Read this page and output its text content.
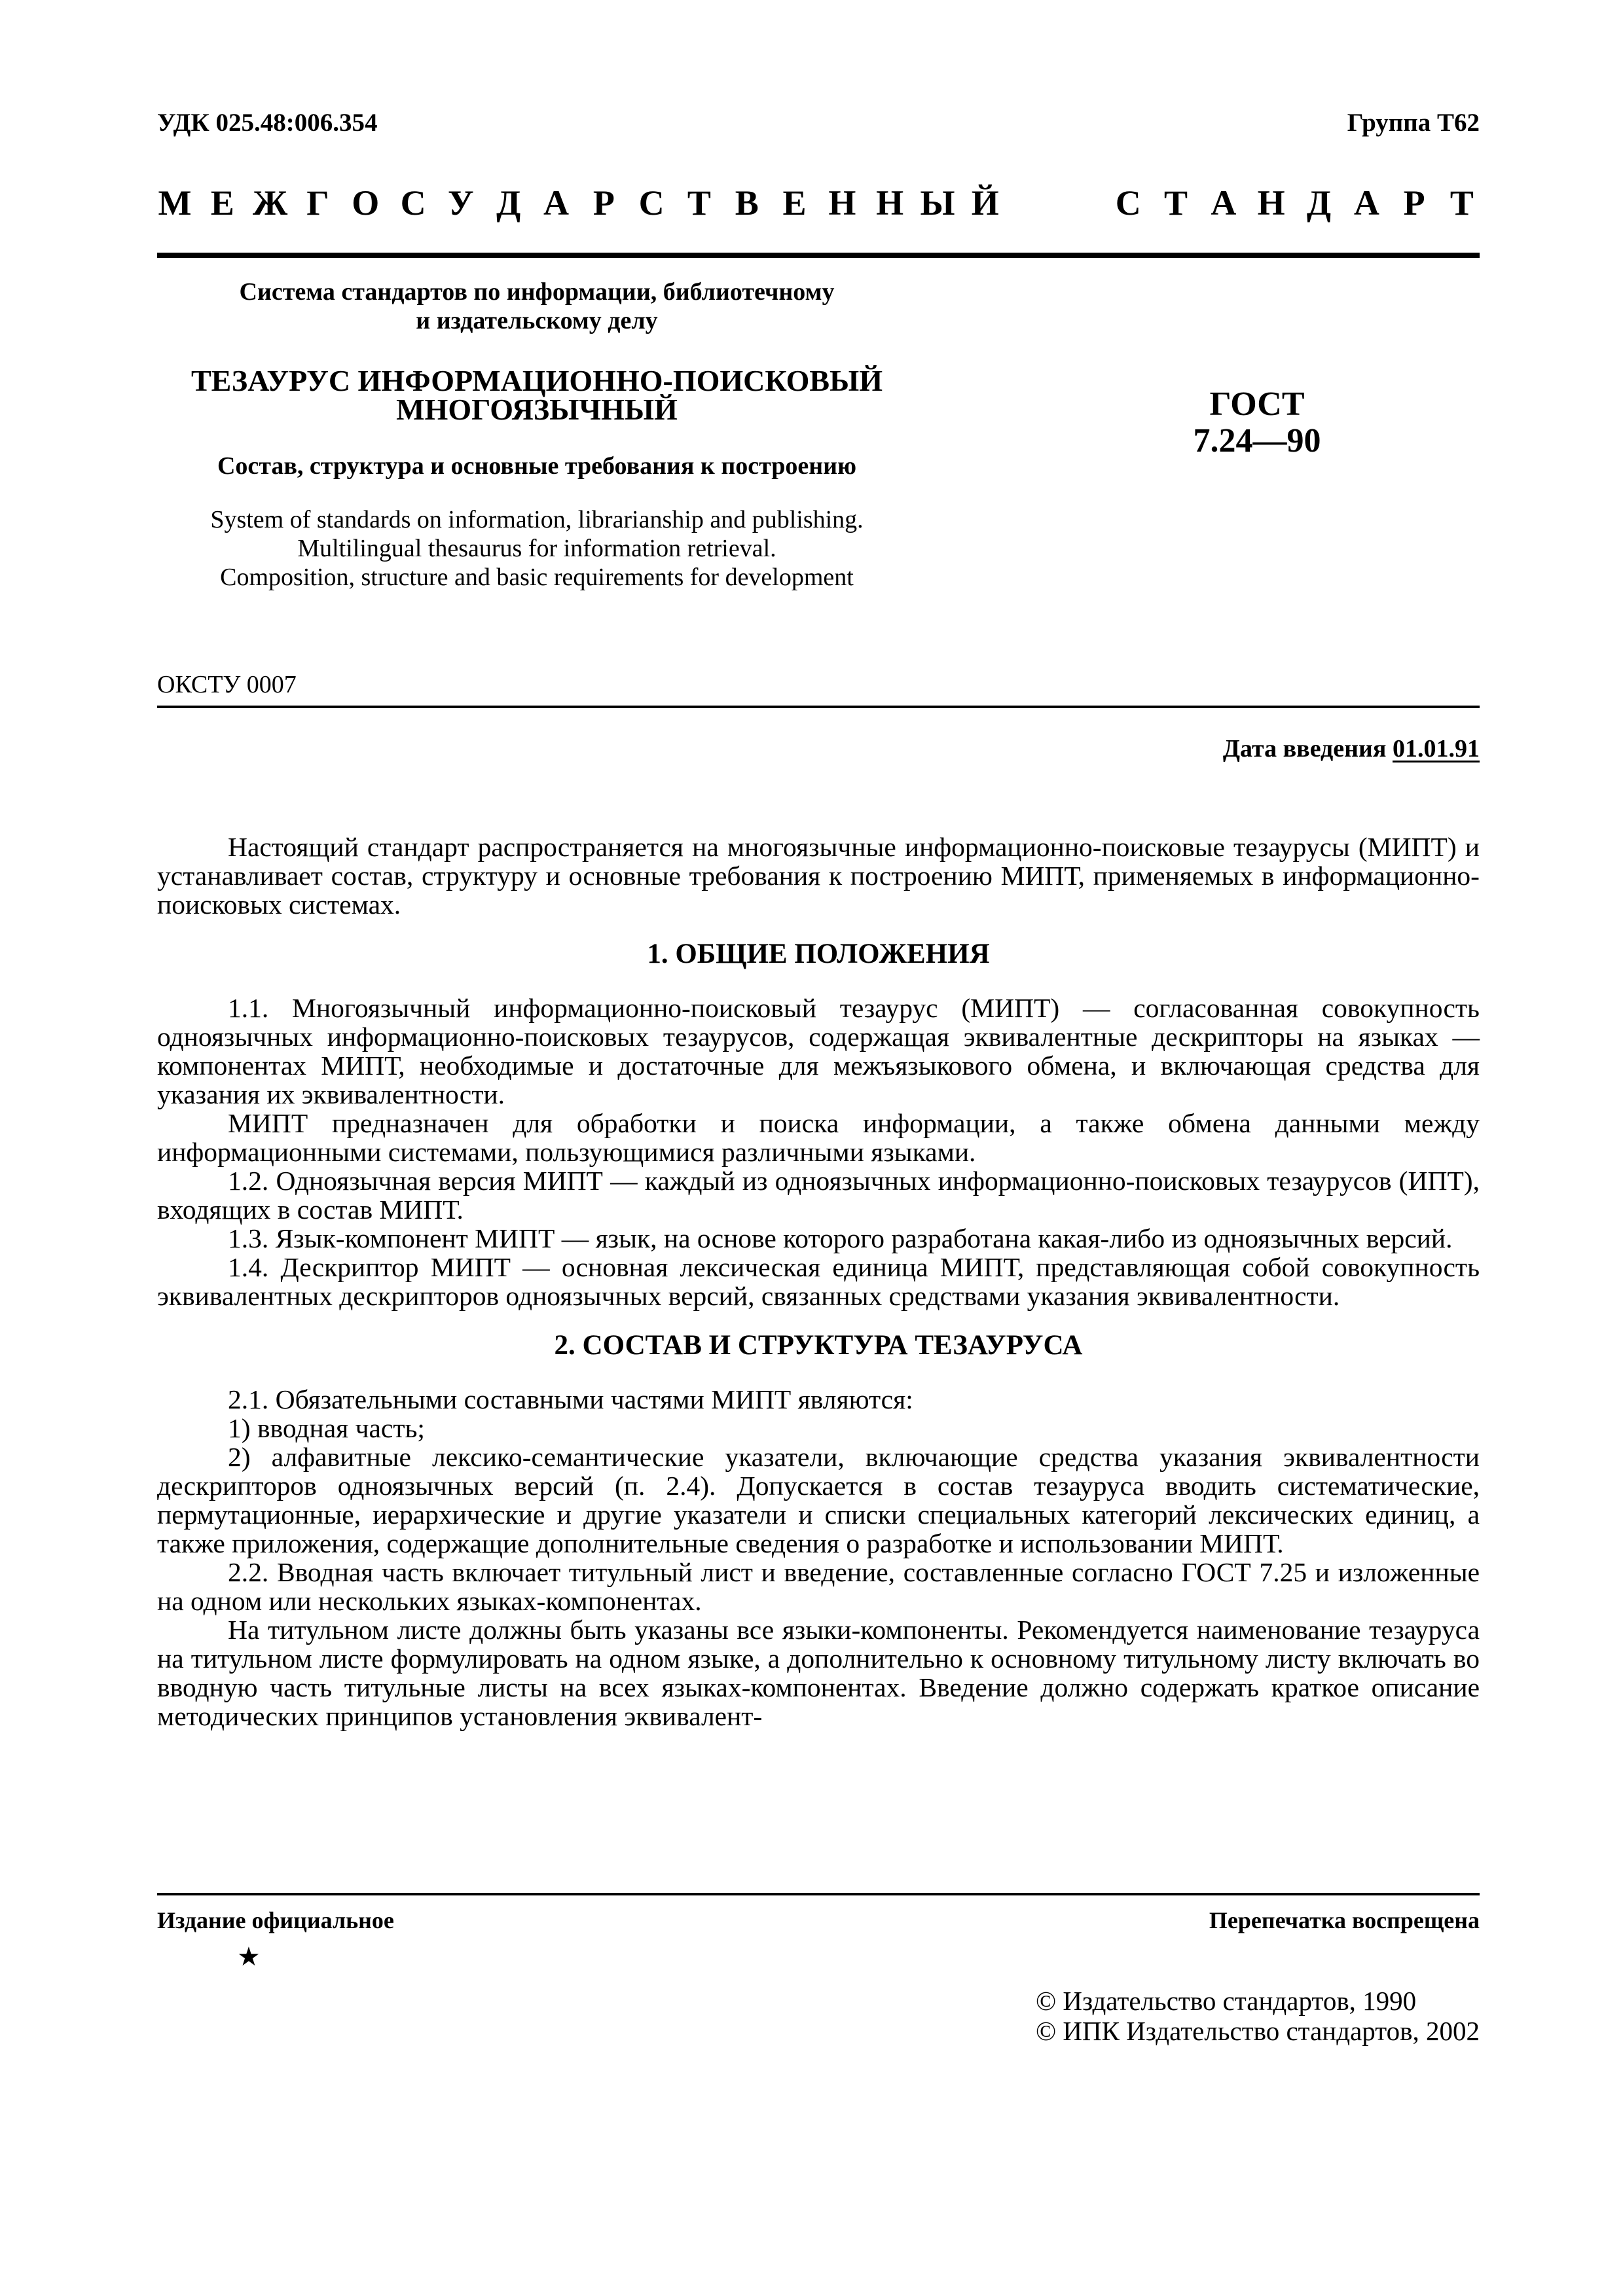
УДК 025.48:006.354	Группа Т62
М Е Ж Г О С У Д А Р С Т В Е Н Н Ы Й

	С Т А Н Д А Р Т
Система стандартов по информации, библиотечному
и издательскому делу
ТЕЗАУРУС ИНФОРМАЦИОННО-ПОИСКОВЫЙ
МНОГОЯЗЫЧНЫЙ
Состав, структура и основные требования к построению
System of standards on information, librarianship and publishing.
Multilingual thesaurus for information retrieval.
Composition, structure and basic requirements for development
ГОСТ
7.24—90
ОКСТУ 0007
Дата введения 01.01.91

Настоящий стандарт распространяется на многоязычные информационно-поисковые тезаурусы (МИПТ) и устанавливает состав, структуру и основные требования к построению МИПТ, применяемых в информационно-поисковых системах.

1. ОБЩИЕ ПОЛОЖЕНИЯ

1.1. Многоязычный информационно-поисковый тезаурус (МИПТ) — согласованная совокупность одноязычных информационно-поисковых тезаурусов, содержащая эквивалентные дескрипторы на языках — компонентах МИПТ, необходимые и достаточные для межъязыкового обмена, и включающая средства для указания их эквивалентности.

МИПТ предназначен для обработки и поиска информации, а также обмена данными между информационными системами, пользующимися различными языками.

1.2. Одноязычная версия МИПТ — каждый из одноязычных информационно-поисковых тезаурусов (ИПТ), входящих в состав МИПТ.

1.3. Язык-компонент МИПТ — язык, на основе которого разработана какая-либо из одноязычных версий.

1.4. Дескриптор МИПТ — основная лексическая единица МИПТ, представляющая собой совокупность эквивалентных дескрипторов одноязычных версий, связанных средствами указания эквивалентности.

2. СОСТАВ И СТРУКТУРА ТЕЗАУРУСА

2.1. Обязательными составными частями МИПТ являются:

1) вводная часть;

2) алфавитные лексико-семантические указатели, включающие средства указания эквивалентности дескрипторов одноязычных версий (п. 2.4). Допускается в состав тезауруса вводить систематические, пермутационные, иерархические и другие указатели и списки специальных категорий лексических единиц, а также приложения, содержащие дополнительные сведения о разработке и использовании МИПТ.

2.2. Вводная часть включает титульный лист и введение, составленные согласно ГОСТ 7.25 и изложенные на одном или нескольких языках-компонентах.

На титульном листе должны быть указаны все языки-компоненты. Рекомендуется наименование тезауруса на титульном листе формулировать на одном языке, а дополнительно к основному титульному листу включать во вводную часть титульные листы на всех языках-компонентах. Введение должно содержать краткое описание методических принципов установления эквивалент-

Издание официальное	Перепечатка воспрещена
★
© Издательство стандартов, 1990
© ИПК Издательство стандартов, 2002
